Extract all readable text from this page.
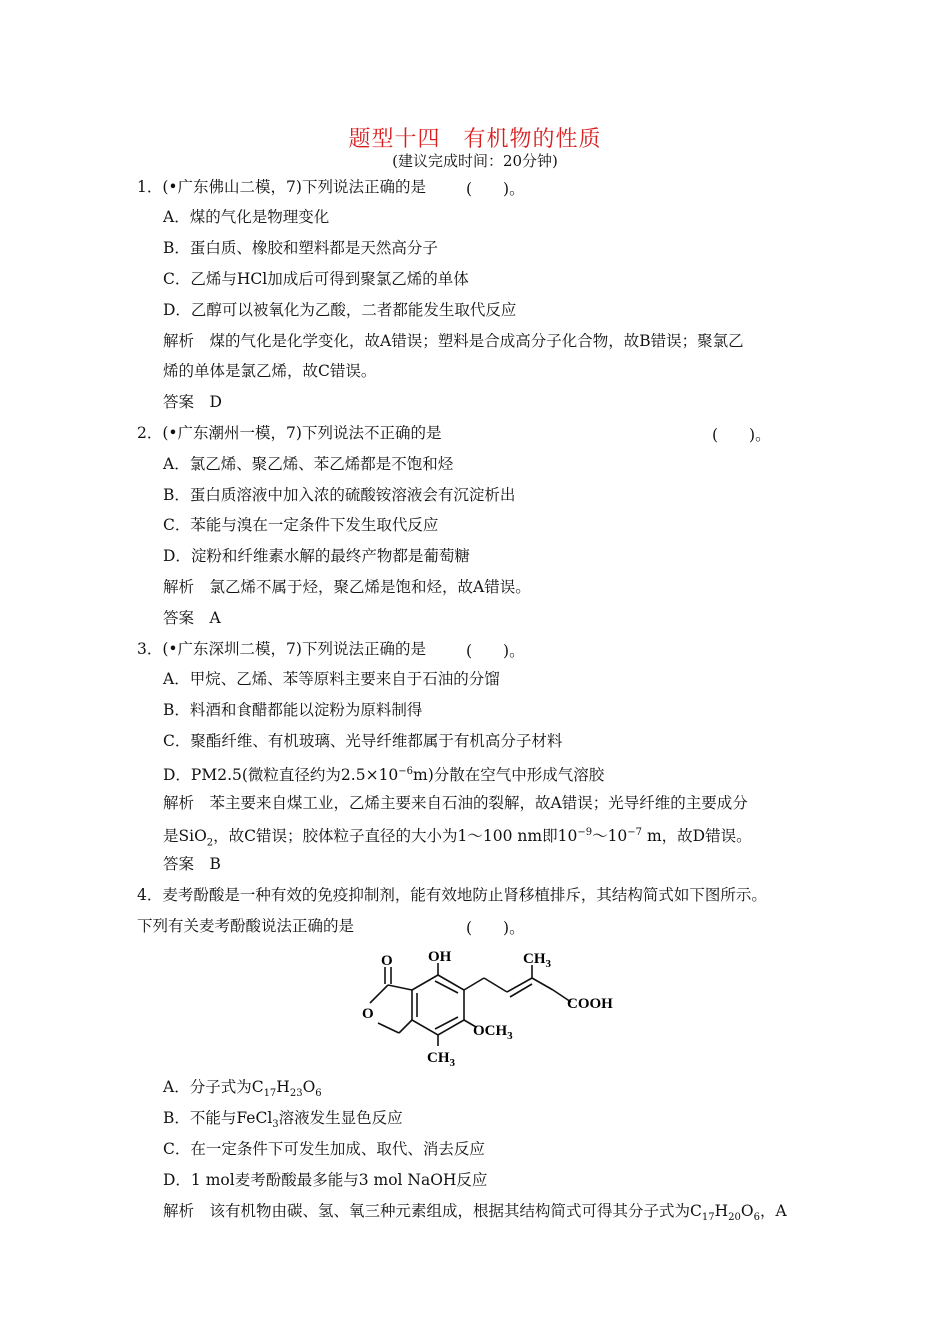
题型十四　有机物的性质
(建议完成时间：20分钟)
1．(•广东佛山二模，7)下列说法正确的是	(　　)。
A．煤的气化是物理变化
B．蛋白质、橡胶和塑料都是天然高分子
C．乙烯与HCl加成后可得到聚氯乙烯的单体
D．乙醇可以被氧化为乙酸，二者都能发生取代反应
解析　煤的气化是化学变化，故A错误；塑料是合成高分子化合物，故B错误；聚氯乙
烯的单体是氯乙烯，故C错误。
答案　D
2．(•广东潮州一模，7)下列说法不正确的是	(　　)。
A．氯乙烯、聚乙烯、苯乙烯都是不饱和烃
B．蛋白质溶液中加入浓的硫酸铵溶液会有沉淀析出
C．苯能与溴在一定条件下发生取代反应
D．淀粉和纤维素水解的最终产物都是葡萄糖
解析　氯乙烯不属于烃，聚乙烯是饱和烃，故A错误。
答案　A
3．(•广东深圳二模，7)下列说法正确的是	(　　)。
A．甲烷、乙烯、苯等原料主要来自于石油的分馏
B．料酒和食醋都能以淀粉为原料制得
C．聚酯纤维、有机玻璃、光导纤维都属于有机高分子材料
D．PM2.5(微粒直径约为$2.5\times 10^{-6}m$)分散在空气中形成气溶胶
解析　苯主要来自煤工业，乙烯主要来自石油的裂解，故A错误；光导纤维的主要成分
是SiO$_2$，故C错误；胶体粒子直径的大小为1～100 nm即$10^{-9}\sim 10^{-7}$ m，故D错误。
答案　B
4．麦考酚酸是一种有效的免疫抑制剂，能有效地防止肾移植排斥，其结构简式如下图所示。
下列有关麦考酚酸说法正确的是	(　　)。
O OH
O
$CH_3$
COOH
$OCH_3$
$CH_3$
A．分子式为$C_{17}H_{23}O_6$
B．不能与FeCl$_3$溶液发生显色反应
C．在一定条件下可发生加成、取代、消去反应
D．1 mol麦考酚酸最多能与3 mol NaOH反应
解析　该有机物由碳、氢、氧三种元素组成，根据其结构简式可得其分子式为$C_{17}H_{20}O_6$，A
